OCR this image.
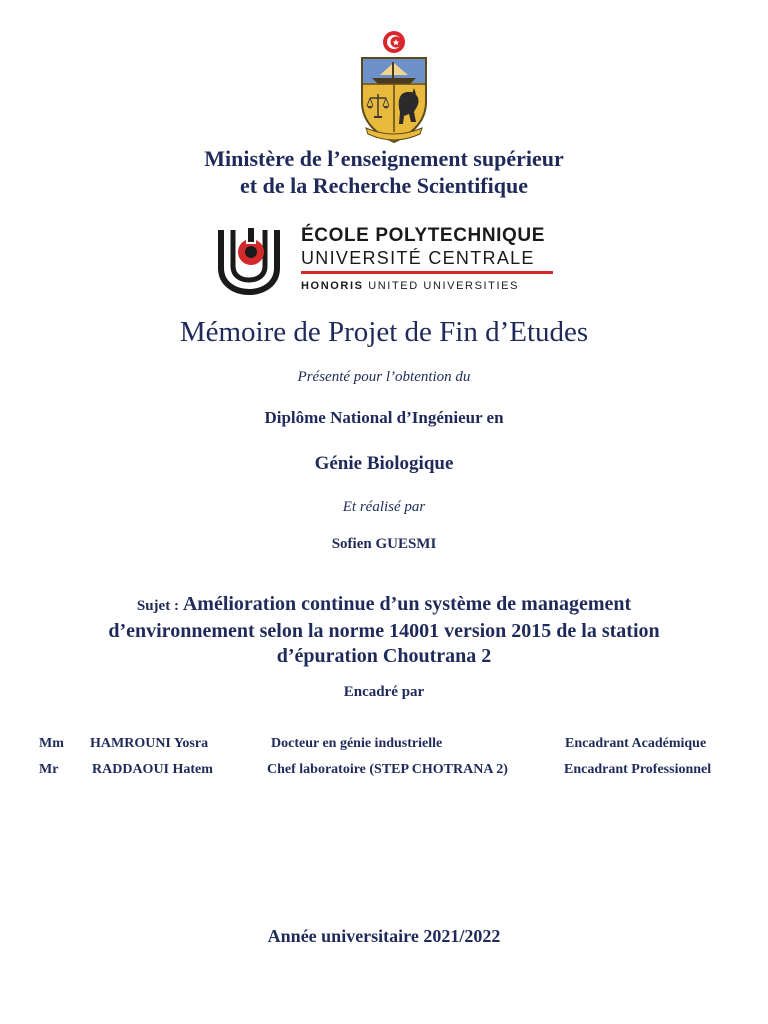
Ministère de l’enseignement supérieur
et de la Recherche Scientifique
ÉCOLE POLYTECHNIQUE
UNIVERSITÉ CENTRALE
HONORIS UNITED UNIVERSITIES
Mémoire de Projet de Fin d’Etudes
Présenté pour l’obtention du
Diplôme National d’Ingénieur en
Génie Biologique
Et réalisé par
Sofien GUESMI
Sujet : Amélioration continue d’un système de management
d’environnement selon la norme 14001 version 2015 de la station
d’épuration Choutrana 2
Encadré par
Mm HAMROUNI Yosra	Docteur en génie industrielle	Encadrant Académique
Mr RADDAOUI Hatem	Chef laboratoire (STEP CHOTRANA 2)	Encadrant Professionnel
Année universitaire 2021/2022
